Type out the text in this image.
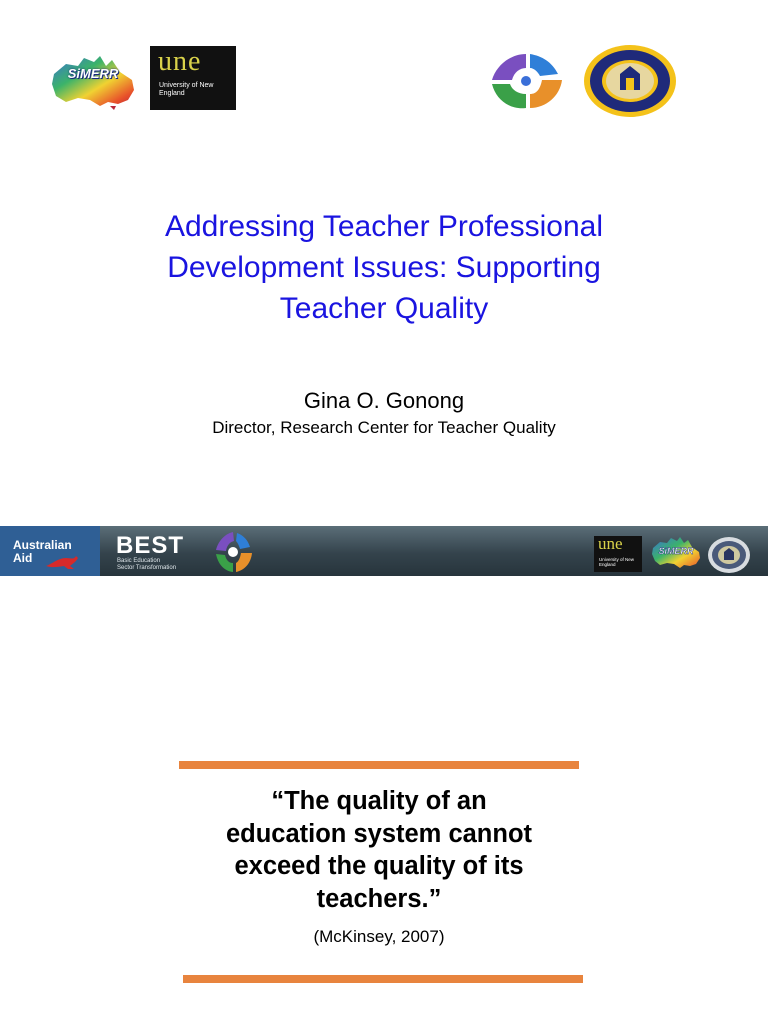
SiMERR	une
University of New England
Addressing Teacher Professional
Development Issues: Supporting
Teacher Quality
Gina O. Gonong
Director, Research Center for Teacher Quality
Australian
Aid	BEST
Basic Education
Sector Transformation
une
University of New England
SiMERR
“The quality of an
education system cannot
exceed the quality of its
teachers.”
(McKinsey, 2007)
